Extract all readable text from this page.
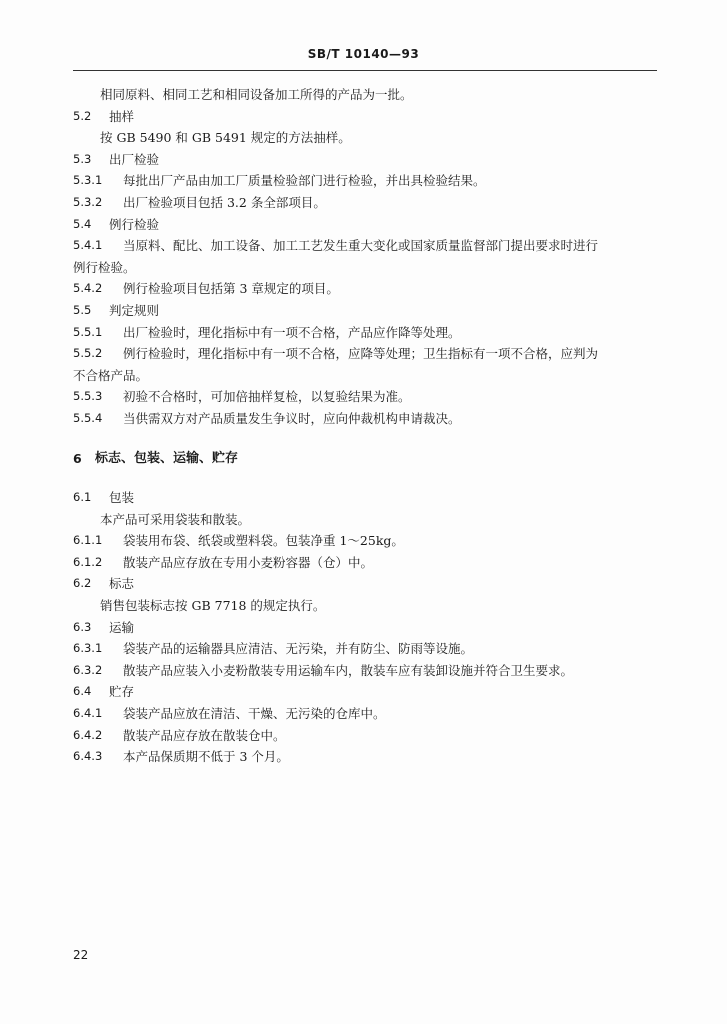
SB/T 10140—93
相同原料、相同工艺和相同设备加工所得的产品为一批。
5.2 抽样
按 GB 5490 和 GB 5491 规定的方法抽样。
5.3 出厂检验
5.3.1 每批出厂产品由加工厂质量检验部门进行检验，并出具检验结果。
5.3.2 出厂检验项目包括 3.2 条全部项目。
5.4 例行检验
5.4.1 当原料、配比、加工设备、加工工艺发生重大变化或国家质量监督部门提出要求时进行
例行检验。
5.4.2 例行检验项目包括第 3 章规定的项目。
5.5 判定规则
5.5.1 出厂检验时，理化指标中有一项不合格，产品应作降等处理。
5.5.2 例行检验时，理化指标中有一项不合格，应降等处理；卫生指标有一项不合格，应判为
不合格产品。
5.5.3 初验不合格时，可加倍抽样复检，以复验结果为准。
5.5.4 当供需双方对产品质量发生争议时，应向仲裁机构申请裁决。
6 标志、包装、运输、贮存
6.1 包装
本产品可采用袋装和散装。
6.1.1 袋装用布袋、纸袋或塑料袋。包装净重 1～25kg。
6.1.2 散装产品应存放在专用小麦粉容器（仓）中。
6.2 标志
销售包装标志按 GB 7718 的规定执行。
6.3 运输
6.3.1 袋装产品的运输器具应清洁、无污染，并有防尘、防雨等设施。
6.3.2 散装产品应装入小麦粉散装专用运输车内，散装车应有装卸设施并符合卫生要求。
6.4 贮存
6.4.1 袋装产品应放在清洁、干燥、无污染的仓库中。
6.4.2 散装产品应存放在散装仓中。
6.4.3 本产品保质期不低于 3 个月。
22
